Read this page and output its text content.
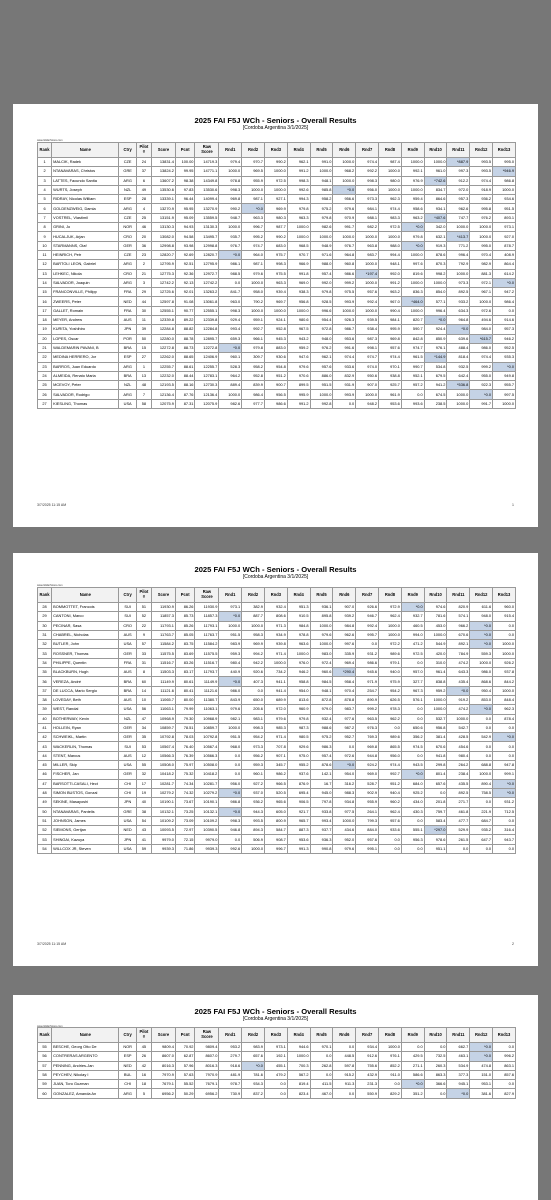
2025 FAI F5J WCh - Seniors - Overall Results
[Cordoba Argentina 3/1/2025]
www.GliderScore.com
Rank	Name	Ctry	Pilot #	Score	Pcnt	Raw Score	Rnd1	Rnd2	Rnd3	Rnd4	Rnd5	Rnd6	Rnd7	Rnd8	Rnd9	Rnd10	Rnd11	Rnd12	Rnd13
1	MALCIK, Radek	CZE	24	13831.4	100.00	14719.3	979.4	970.7	990.2	962.1	991.0	1000.0	974.4	987.4	1000.0	1000.0	*887.9	993.5	995.0
2	NTANAVARAS, Christos	GRE	37	13824.2	99.95	14771.1	1000.0	969.5	1000.0	991.2	1000.0	968.2	992.2	1000.0	992.1	961.0	997.3	993.5	*946.9
3	LATTES, Facundo Santia	ARG	6	13607.2	98.38	14349.8	978.8	955.9	972.5	998.3	948.1	1000.0	998.3	980.0	976.9	*742.6	912.2	974.4	986.8
4	WURTS, Joseph	NZL	49	13530.6	97.83	13530.6	998.3	1000.0	1000.0	992.6	985.8	*0.0	956.0	1000.0	1000.0	834.7	972.0	918.9	1000.0
5	RIDRAY, Nicolas William	ESP	28	13339.1	96.44	14099.4	969.8	987.1	927.1	994.3	958.2	956.6	973.3	962.3	959.4	864.6	957.3	936.2	934.6
6	GOLDENZWEIG, Damia	ARG	4	13270.9	95.95	13270.9	990.2	*0.0	969.9	979.8	975.2	979.6	984.1	974.4	958.6	934.1	962.6	995.8	951.5
7	VOSTREL, Vlastimil	CZE	25	13151.9	95.09	13559.5	948.7	963.3	980.3	963.3	979.8	970.9	988.1	983.3	963.2	*407.6	747.7	976.2	893.1
8	GRINI, Jo	NOR	46	13130.3	94.93	13130.3	1000.0	996.7	987.7	1000.0	982.6	991.7	982.2	972.5	*0.0	342.0	1000.0	1000.0	973.1
9	HUCALJUK, Arjan	CRO	20	13082.0	94.58	13495.7	935.7	995.2	990.2	1000.0	1000.0	1000.0	1000.0	1000.0	979.8	632.1	*413.7	1000.0	927.0
10	STARMANNS, Olaf	GER	36	12998.8	93.98	12998.8	976.7	974.7	683.0	968.5	948.9	976.7	963.8	988.0	*0.0	919.3	771.2	995.0	878.7
11	HEINRICH, Petr	CZE	23	12820.7	92.69	12820.7	*0.0	964.0	975.7	970.7	971.6	964.8	983.7	994.4	1000.0	878.6	996.4	970.4	408.9
12	BARTOLI LEON, Gabriel	ARG	2	12795.9	92.51	12795.9	986.1	987.1	998.3	966.9	988.0	960.8	1000.0	948.1	997.6	870.3	792.9	982.9	864.4
13	LEHKEC, Nikola	CRO	21	12775.3	92.36	12972.7	988.5	979.6	975.5	991.8	957.4	986.6	*197.4	992.0	819.6	998.2	1000.0	881.3	614.2
14	SALVADOR, Joaquin	ARG	3	12742.2	92.13	12742.2	0.0	1000.0	963.3	969.0	992.0	999.2	1000.0	991.2	1000.0	1000.0	973.3	972.1	*0.0
15	FRANCONVILLE, Philipp	FRA	29	12725.6	92.01	13263.2	841.7	958.0	939.4	938.3	979.8	975.5	957.6	963.2	836.3	854.0	892.5	967.1	947.2
16	ZWEERS, Peter	NED	44	12597.8	91.08	13061.8	963.0	790.2	969.7	956.8	928.5	993.9	992.4	967.0	*464.0	577.1	933.2	1000.0	986.4
17	GALLET, Romain	FRA	30	12555.1	90.77	12555.1	998.3	1000.0	1000.0	1000.0	996.6	1000.0	1000.0	990.4	1000.0	996.4	634.3	972.6	0.0
18	MEYER, Andrew	AUS	11	12339.8	89.22	12339.8	929.4	959.1	924.1	980.6	954.4	926.3	939.5	984.1	820.7	*0.0	964.8	494.6	914.6
19	KURITA, Yoshihiro	JPN	39	12284.8	88.82	12284.8	993.4	992.7	952.8	967.5	972.8	986.7	938.4	995.9	590.7	924.4	*0.0	984.0	957.3
20	LOPES, Oscar	POR	50	12280.0	88.78	12895.7	659.3	966.1	945.3	943.2	948.0	953.6	987.3	969.8	842.8	850.9	639.6	*615.7	946.2
21	WALDEMARIN PAVANI, B	BRA	15	12272.8	88.73	12272.8	*0.0	979.8	883.0	959.2	976.2	991.6	998.1	957.6	974.7	976.1	488.4	986.0	952.5
22	MEDINA HERRERO, Jor	ESP	27	12262.0	88.65	12406.9	960.1	309.7	930.6	947.6	962.1	974.4	974.7	974.4	961.5	*144.9	818.4	974.4	935.3
23	BARROS, Juan Eduardo	ARG	1	12255.7	88.61	12255.7	528.3	958.2	954.8	979.6	957.6	933.6	974.0	970.1	990.7	534.8	932.5	999.2	*0.0
24	ALMEIDA, Renato Maria	BRA	13	12232.0	88.44	12783.1	964.2	952.8	951.2	970.6	886.0	832.9	950.6	938.8	952.1	679.5	642.4	955.0	949.8
25	MCEVOY, Peter	NZL	48	12193.5	88.16	12730.3	889.4	839.9	900.7	899.5	951.5	931.9	907.0	925.7	957.2	941.2	*536.8	922.3	955.7
26	SALVADOR, Rodrigo	ARG	7	12136.4	87.76	12136.4	1000.0	986.4	956.5	995.9	1000.0	993.9	1000.0	961.9	0.0	674.5	1000.0	*0.0	997.5
27	KIESLING, Thomas	USA	58	12075.9	87.31	12075.9	982.6	977.7	986.6	991.2	992.8	0.0	948.2	953.6	993.6	238.5	1000.0	991.7	1000.0
3/7/2025 11:15 AM	1
2025 FAI F5J WCh - Seniors - Overall Results
[Cordoba Argentina 3/1/2025]
www.GliderScore.com
Rank	Name	Ctry	Pilot #	Score	Pcnt	Raw Score	Rnd1	Rnd2	Rnd3	Rnd4	Rnd5	Rnd6	Rnd7	Rnd8	Rnd9	Rnd10	Rnd11	Rnd12	Rnd13
28	BOMMOTTET, Francois	SUI	51	11930.9	86.26	11930.9	973.1	382.9	932.4	951.3	936.1	907.0	926.6	972.9	*0.0	974.6	820.9	611.6	960.0
29	CANTONI, Marco	SUI	52	11857.3	85.73	11857.3	*0.0	887.7	808.6	910.5	895.8	939.2	946.7	962.4	932.7	781.6	574.1	948.0	915.4
30	PECINAR, Sasa	CRO	22	11793.1	85.26	11793.1	1000.0	1000.0	971.3	984.8	1000.0	984.8	992.4	1000.0	460.5	453.0	966.2	*0.0	0.0
31	CHABREL, Nicholas	AUS	9	11763.7	85.05	11763.7	951.5	958.3	934.9	978.8	979.6	962.6	995.7	1000.0	994.0	1000.0	670.6	*0.0	0.0
32	BUTLER, John	USA	57	11584.2	83.75	11584.2	983.9	969.9	939.8	963.6	1000.0	997.6	0.0	972.2	471.2	544.9	892.1	*0.0	1000.0
33	ROSSNER, Thomas	GER	33	11575.5	83.69	11575.5	959.3	994.2	971.4	1000.0	983.0	335.9	931.2	989.6	972.5	420.0	784.9	559.3	1000.0
34	PHILIPPE, Quentin	FRA	31	11516.7	83.26	11516.7	980.4	942.2	1000.0	976.0	972.4	969.4	986.6	979.1	0.0	310.0	474.2	1000.0	926.2
35	BLACKBURN, Hugh	AUS	8	11503.3	83.17	11793.7	440.9	920.6	734.2	946.2	960.6	*290.4	945.6	940.0	957.0	961.4	643.3	986.0	937.8
36	VEREZA, André	BRA	60	11149.9	80.61	11149.9	*0.0	407.3	941.1	958.8	984.5	958.4	971.9	975.9	327.7	838.8	435.4	868.6	844.2
37	DE LUCCA, Mario Sergio	BRA	14	11121.6	80.41	11121.6	986.0	0.0	941.4	954.0	948.1	970.4	254.7	954.2	967.3	959.2	*0.0	950.4	1000.0
38	LOVEDAY, Beth	AUS	10	11065.7	80.00	11380.7	843.9	650.0	689.9	813.6	872.8	878.8	890.9	626.5	576.1	1000.0	919.2	853.0	848.4
39	WEST, Randal	USA	56	11063.1	79.99	11063.1	979.6	205.6	972.0	960.9	979.0	983.7	999.2	978.3	0.0	1000.0	474.2	*0.0	962.3
40	BOTHERWAY, Kevin	NZL	47	10968.9	79.30	10968.9	982.1	983.1	979.6	979.8	932.4	977.6	963.5	962.2	0.0	532.7	1000.0	0.0	878.4
41	HOLLEIN, Ryan	GER	34	10859.7	78.51	10859.7	1000.0	998.3	985.3	987.3	988.6	987.2	976.3	0.0	650.6	956.8	542.7	0.0	0.0
42	SCHWEIKL, Martin	GER	35	10792.8	78.03	10792.8	951.5	954.2	971.4	980.5	975.2	952.7	769.3	989.6	356.2	381.4	428.5	542.9	*0.0
43	WACKERLIN, Thomas	SUI	53	10567.4	76.40	10567.4	968.0	973.3	707.8	929.6	986.3	0.0	969.8	865.5	974.5	670.6	454.6	0.0	0.0
44	STENT, Marcus	AUS	12	10566.3	76.39	10566.3	0.0	956.2	907.1	975.0	957.4	972.6	944.8	956.0	0.0	941.8	980.4	0.0	0.0
45	MILLER, Skip	USA	55	10508.0	75.97	10508.0	0.0	959.3	345.7	955.2	878.6	*0.0	924.2	974.4	943.5	299.8	264.2	688.8	947.8
46	FISCHER, Jan	GER	32	10418.2	75.32	10418.2	0.0	960.1	986.2	937.6	142.1	954.0	969.0	992.7	*0.0	801.4	238.4	1000.0	999.1
47	BARSOTTI-CASALI, Hect	CHI	17	10281.7	74.34	10281.7	956.0	927.2	966.5	876.9	16.7	316.2	528.7	951.2	684.0	657.6	435.5	890.4	*0.0
48	SIMON BUSTOS, Gonzal	CHI	19	10279.2	74.32	10279.2	*0.0	937.0	520.5	695.4	945.0	988.3	902.9	940.4	925.2	0.0	892.5	758.5	*0.0
49	SEKINE, Masayoshi	JPN	40	10190.1	73.67	10190.1	986.8	936.2	965.6	906.5	797.8	934.8	955.9	960.2	434.0	201.8	271.7	0.0	931.2
50	NTANAVARAS, Pantelis	GRE	38	10132.1	73.25	10132.1	*0.0	944.3	605.0	921.7	933.8	977.5	264.1	962.4	430.3	759.7	461.8	221.9	712.5
51	JOHNSON, James	USA	54	10109.2	73.09	10109.2	998.3	993.5	800.9	965.7	993.4	1000.0	799.3	957.6	0.0	583.4	477.7	684.7	0.0
52	SIEMONS, Gertjan	NED	43	10093.5	72.97	10390.5	946.8	894.3	584.7	887.3	937.7	434.6	884.0	933.6	555.1	*297.0	529.9	935.2	316.4
53	SHINGAI, Kazuya	JPN	41	9979.0	72.15	9979.0	0.0	506.9	908.7	953.6	936.3	952.0	957.6	0.0	956.3	978.6	261.5	647.7	943.7
54	WILLCOX JR, Steven	USA	59	9939.3	71.86	9939.3	992.6	1000.0	996.7	991.3	990.8	979.6	995.1	0.0	0.0	951.1	0.0	0.0	0.0
3/7/2025 11:15 AM	2
2025 FAI F5J WCh - Seniors - Overall Results
[Cordoba Argentina 3/1/2025]
www.GliderScore.com
Rank	Name	Ctry	Pilot #	Score	Pcnt	Raw Score	Rnd1	Rnd2	Rnd3	Rnd4	Rnd5	Rnd6	Rnd7	Rnd8	Rnd9	Rnd10	Rnd11	Rnd12	Rnd13
55	BESCHE, Georg Otto De	NOR	45	9809.4	70.92	9809.4	953.2	983.9	973.1	944.6	970.1	0.0	934.4	1000.0	0.0	0.0	662.7	*0.0	0.0
56	CONTRERAS ARGENTO	ESP	26	8607.0	62.87	8607.0	279.7	657.6	192.1	1000.0	0.0	448.5	912.6	976.1	429.5	732.5	463.1	*0.0	996.2
57	PENNING, Andries-Jan	NED	42	8016.3	57.96	8016.3	918.6	*0.0	455.1	700.3	262.8	597.8	755.6	852.2	271.1	260.3	534.9	474.8	863.1
58	PEYCHEV, Nikolay I	BUL	16	7970.9	57.63	7970.9	481.9	781.6	479.2	567.2	0.0	915.2	432.9	911.0	586.6	863.3	377.3	151.0	857.6
59	JUAN, Toro Guzman	CHI	18	7679.1	55.52	7679.1	978.7	934.3	0.0	819.4	411.5	911.3	231.3	0.0	*0.0	366.6	945.1	953.1	0.0
60	GONZALEZ, Amanda An	ARG	5	6956.2	50.29	6956.2	730.9	837.2	0.0	823.4	467.0	0.0	550.9	829.2	351.2	0.0	*0.0	381.6	827.9
